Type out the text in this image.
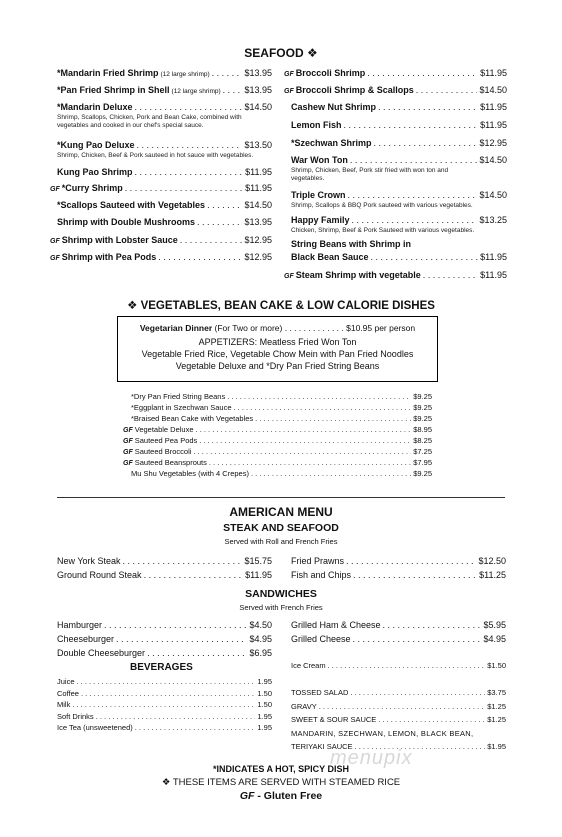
SEAFOOD ❖
*Mandarin Fried Shrimp (12 large shrimp) . . .	$13.95
*Pan Fried Shrimp in Shell (12 large shrimp) . . .	$13.95
*Mandarin Deluxe . . .	$14.50
Shrimp, Scallops, Chicken, Pork and Bean Cake, combined with
vegetables and cooked in our chef's special sauce.
*Kung Pao Deluxe . . .	$13.50
Shrimp, Chicken, Beef & Pork sauteed in hot sauce with vegetables.
Kung Pao Shrimp . . .	$11.95
GF *Curry Shrimp . . .	$11.95
*Scallops Sauteed with Vegetables . . .	$14.50
Shrimp with Double Mushrooms . . .	$13.95
GF Shrimp with Lobster Sauce . . .	$12.95
GF Shrimp with Pea Pods . . .	$12.95
GF Broccoli Shrimp . . .	$11.95
GF Broccoli Shrimp & Scallops . . .	$14.50
Cashew Nut Shrimp . . .	$11.95
Lemon Fish . . .	$11.95
*Szechwan Shrimp . . .	$12.95
War Won Ton . . .	$14.50
Shrimp, Chicken, Beef, Pork stir fried with won ton and
vegetables.
Triple Crown . . .	$14.50
Shrimp, Scallops & BBQ Pork sauteed with various vegetables.
Happy Family . . .	$13.25
Chicken, Shrimp, Beef & Pork Sauteed with various vegetables.
String Beans with Shrimp in
Black Bean Sauce . . .	$11.95
GF Steam Shrimp with vegetable . . .	$11.95
❖ VEGETABLES, BEAN CAKE & LOW CALORIE DISHES
Vegetarian Dinner (For Two or more) . . . . . . . . . . . . . $10.95 per person
APPETIZERS: Meatless Fried Won Ton
Vegetable Fried Rice, Vegetable Chow Mein with Pan Fried Noodles
Vegetable Deluxe and *Dry Pan Fried String Beans
*Dry Pan Fried String Beans . . .	$9.25
*Eggplant in Szechwan Sauce . . .	$9.25
*Braised Bean Cake with Vegetables . . .	$9.25
GF Vegetable Deluxe . . .	$8.95
GF Sauteed Pea Pods . . .	$8.25
GF Sauteed Broccoli . . .	$7.25
GF Sauteed Beansprouts . . .	$7.95
Mu Shu Vegetables (with 4 Crepes) . . .	$9.25
AMERICAN MENU
STEAK AND SEAFOOD
Served with Roll and French Fries
New York Steak . . .	$15.75
Ground Round Steak . . .	$11.95
Fried Prawns . . .	$12.50
Fish and Chips . . .	$11.25
Hamburger . . .	$4.50
Cheeseburger . . .	$4.95
Double Cheeseburger . . .	$6.95
Grilled Ham & Cheese . . .	$5.95
Grilled Cheese . . .	$4.95
Juice . . .	1.95
Coffee . . .	1.50
Milk . . .	1.50
Soft Drinks . . .	1.95
Ice Tea (unsweetened) . . .	1.95
Ice Cream . . .	$1.50
TOSSED SALAD . . .	$3.75
GRAVY . . .	$1.25
SWEET & SOUR SAUCE . . .	$1.25
TERIYAKI SAUCE . . .	$1.95
SANDWICHES
Served with French Fries
BEVERAGES
MANDARIN, SZECHWAN, LEMON, BLACK BEAN,
*INDICATES A HOT, SPICY DISH
❖ THESE ITEMS ARE SERVED WITH STEAMED RICE
GF - Gluten Free
menupix
